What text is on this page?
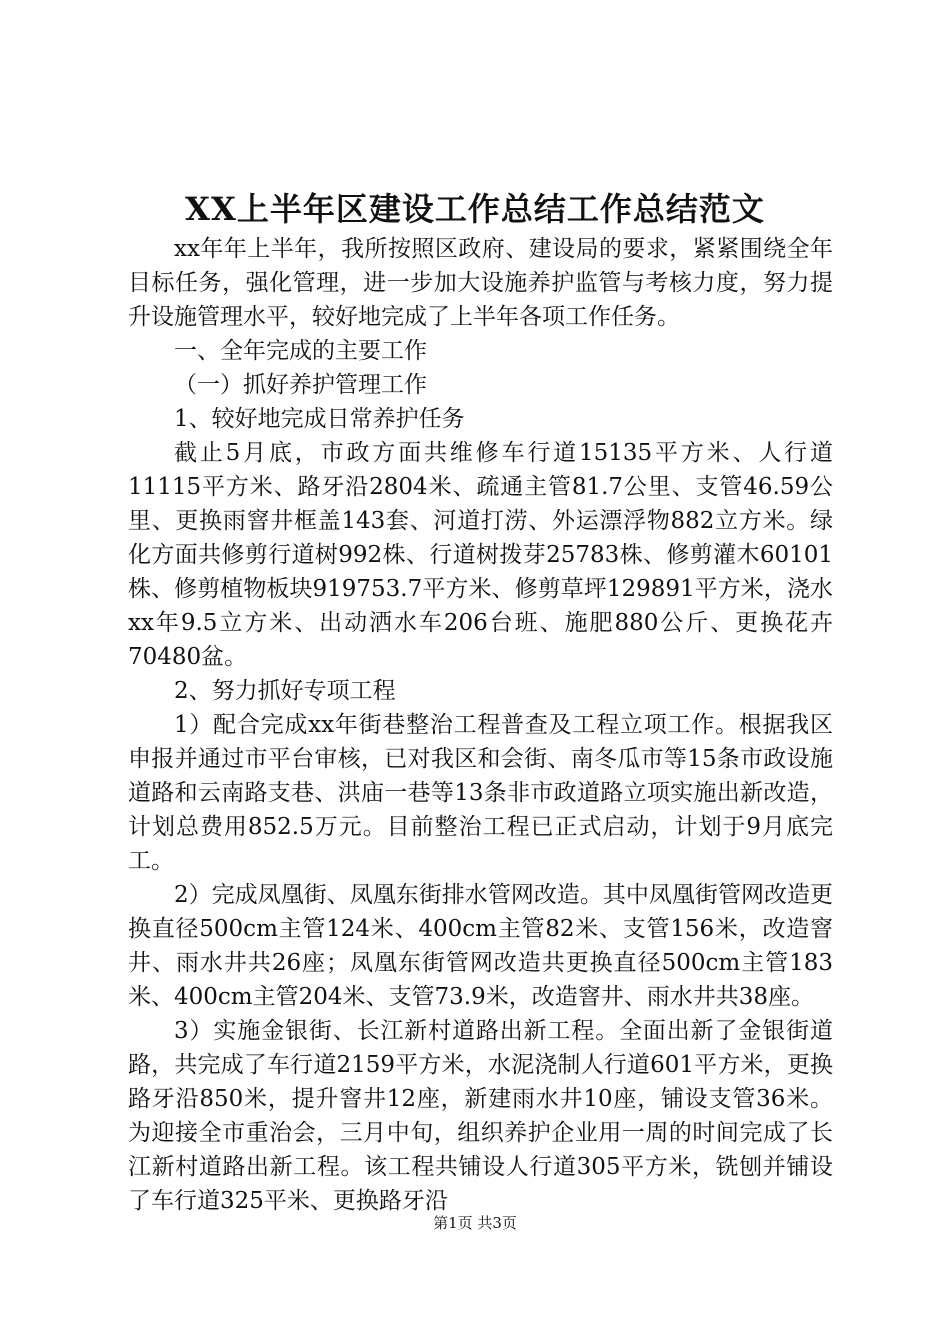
XX上半年区建设工作总结工作总结范文

xx年年上半年，我所按照区政府、建设局的要求，紧紧围绕全年目标任务，强化管理，进一步加大设施养护监管与考核力度，努力提升设施管理水平，较好地完成了上半年各项工作任务。

一、全年完成的主要工作

（一）抓好养护管理工作

1、较好地完成日常养护任务

截止5月底，市政方面共维修车行道15135平方米、人行道11115平方米、路牙沿2804米、疏通主管81.7公里、支管46.59公里、更换雨窨井框盖143套、河道打涝、外运漂浮物882立方米。绿化方面共修剪行道树992株、行道树拨芽25783株、修剪灌木60101株、修剪植物板块919753.7平方米、修剪草坪129891平方米，浇水xx年9.5立方米、出动洒水车206台班、施肥880公斤、更换花卉70480盆。

2、努力抓好专项工程

1）配合完成xx年街巷整治工程普查及工程立项工作。根据我区申报并通过市平台审核，已对我区和会街、南冬瓜市等15条市政设施道路和云南路支巷、洪庙一巷等13条非市政道路立项实施出新改造，计划总费用852.5万元。目前整治工程已正式启动，计划于9月底完工。

2）完成凤凰街、凤凰东街排水管网改造。其中凤凰街管网改造更换直径500cm主管124米、400cm主管82米、支管156米，改造窨井、雨水井共26座；凤凰东街管网改造共更换直径500cm主管183米、400cm主管204米、支管73.9米，改造窨井、雨水井共38座。

3）实施金银街、长江新村道路出新工程。全面出新了金银街道路，共完成了车行道2159平方米，水泥浇制人行道601平方米，更换路牙沿850米，提升窨井12座，新建雨水井10座，铺设支管36米。为迎接全市重治会，三月中旬，组织养护企业用一周的时间完成了长江新村道路出新工程。该工程共铺设人行道305平方米，铣刨并铺设了车行道325平米、更换路牙沿

第1页 共3页
